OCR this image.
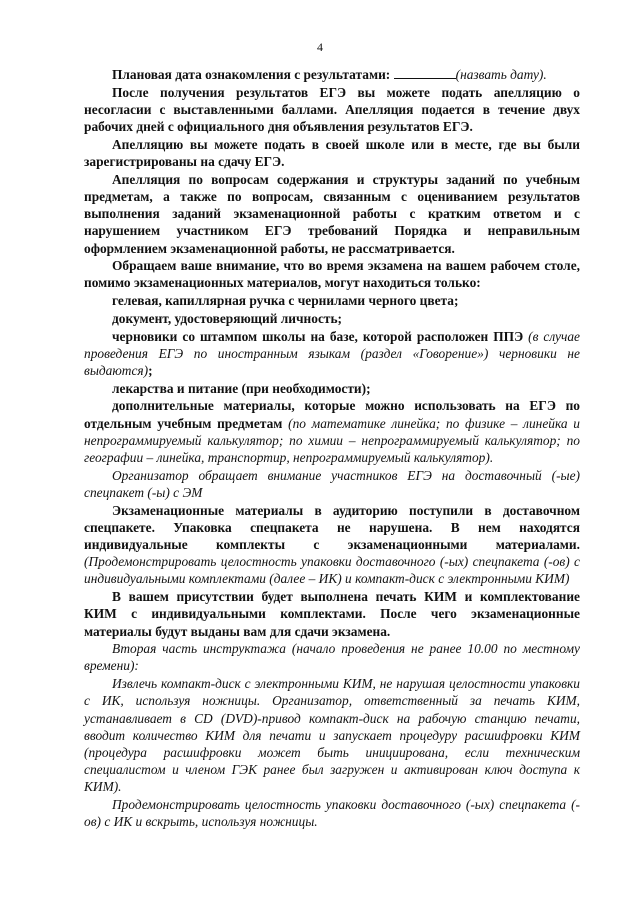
4

Плановая дата ознакомления с результатами:	(назвать дату).

После получения результатов ЕГЭ вы можете подать апелляцию о несогласии с выставленными баллами. Апелляция подается в течение двух рабочих дней с официального дня объявления результатов ЕГЭ.

Апелляцию вы можете подать в своей школе или в месте, где вы были зарегистрированы на сдачу ЕГЭ.

Апелляция по вопросам содержания и структуры заданий по учебным предметам, а также по вопросам, связанным с оцениванием результатов выполнения заданий экзаменационной работы с кратким ответом и с нарушением участником ЕГЭ требований Порядка и неправильным оформлением экзаменационной работы, не рассматривается.

Обращаем ваше внимание, что во время экзамена на вашем рабочем столе, помимо экзаменационных материалов, могут находиться только:

гелевая, капиллярная ручка с чернилами черного цвета;

документ, удостоверяющий личность;

черновики со штампом школы на базе, которой расположен ППЭ (в случае проведения ЕГЭ по иностранным языкам (раздел «Говорение») черновики не выдаются);

лекарства и питание (при необходимости);

дополнительные материалы, которые можно использовать на ЕГЭ по отдельным учебным предметам (по математике линейка; по физике – линейка и непрограммируемый калькулятор; по химии – непрограммируемый калькулятор; по географии – линейка, транспортир, непрограммируемый калькулятор).

Организатор обращает внимание участников ЕГЭ на доставочный (-ые) спецпакет (-ы) с ЭМ

Экзаменационные материалы в аудиторию поступили в доставочном спецпакете. Упаковка спецпакета не нарушена. В нем находятся индивидуальные комплекты с экзаменационными материалами. (Продемонстрировать целостность упаковки доставочного (-ых) спецпакета (-ов) с индивидуальными комплектами (далее – ИК) и компакт-диск с электронными КИМ)

В вашем присутствии будет выполнена печать КИМ и комплектование КИМ с индивидуальными комплектами. После чего экзаменационные материалы будут выданы вам для сдачи экзамена.

Вторая часть инструктажа (начало проведения не ранее 10.00 по местному времени):

Извлечь компакт-диск с электронными КИМ, не нарушая целостности упаковки с ИК, используя ножницы. Организатор, ответственный за печать КИМ, устанавливает в CD (DVD)-привод компакт-диск на рабочую станцию печати, вводит количество КИМ для печати и запускает процедуру расшифровки КИМ (процедура расшифровки может быть инициирована, если техническим специалистом и членом ГЭК ранее был загружен и активирован ключ доступа к КИМ).

Продемонстрировать целостность упаковки доставочного (-ых) спецпакета (-ов) с ИК и вскрыть, используя ножницы.
